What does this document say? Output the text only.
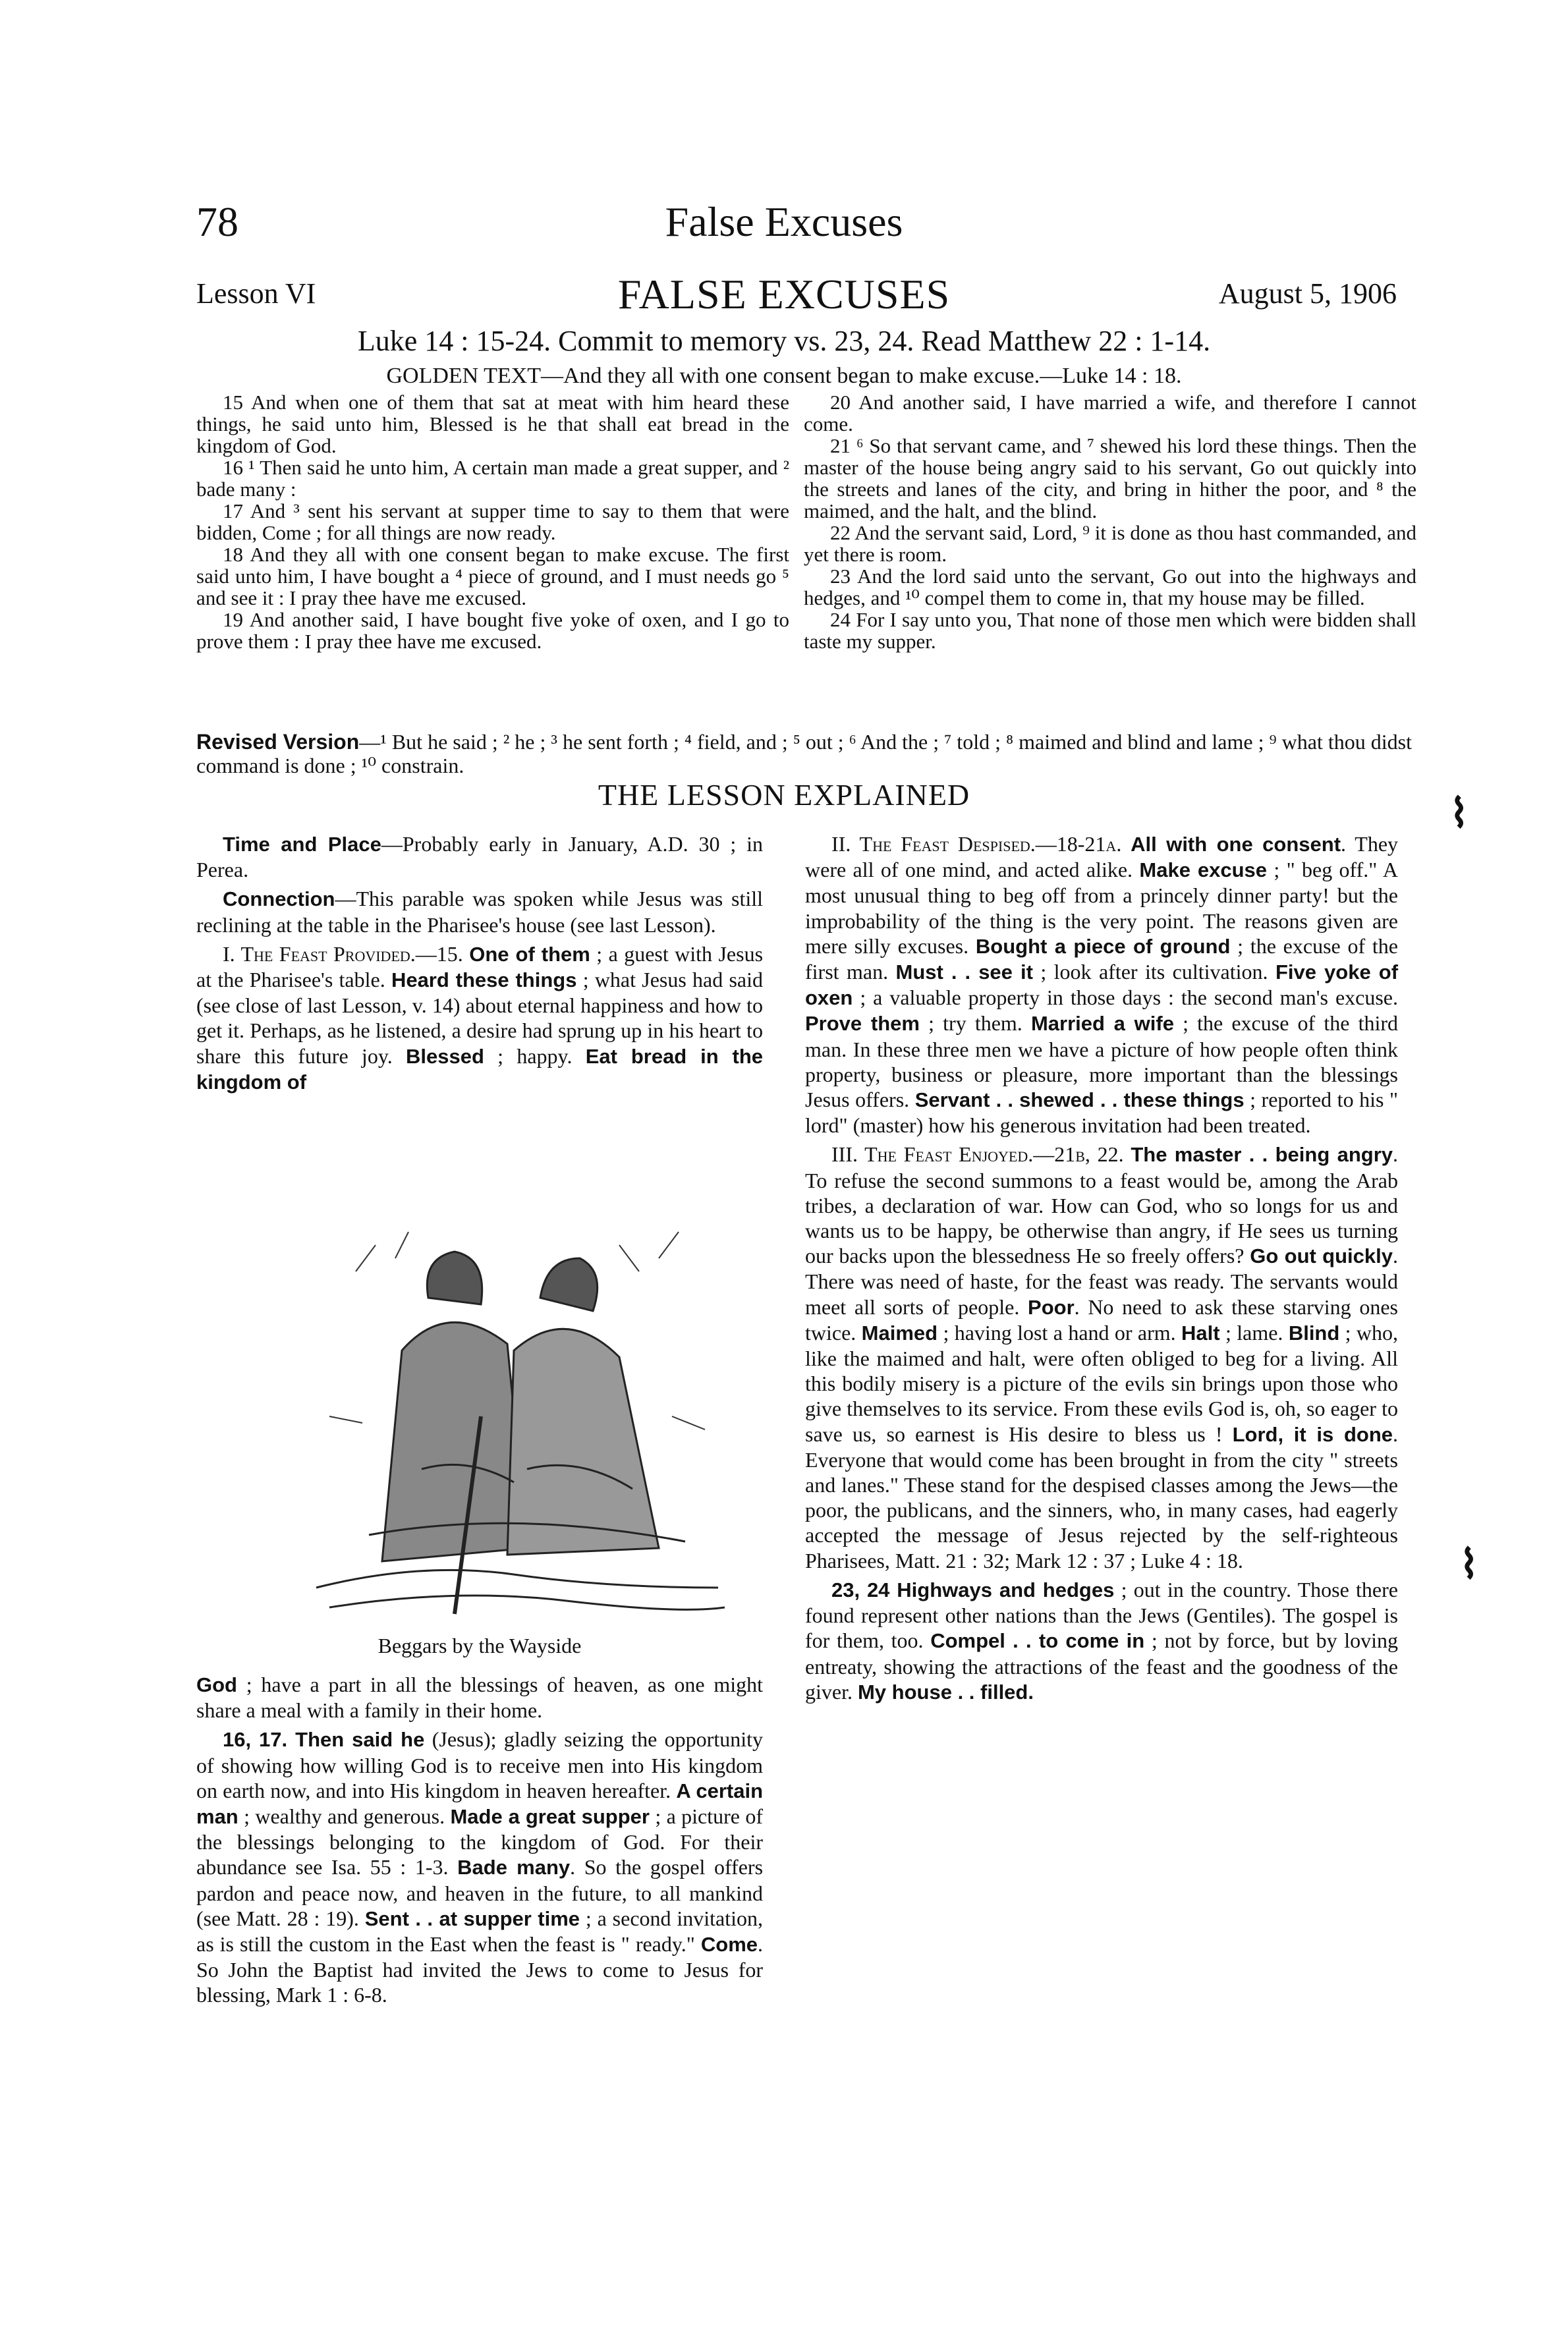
78	False Excuses
Lesson VI	FALSE EXCUSES	August 5, 1906
Luke 14 : 15-24. Commit to memory vs. 23, 24. Read Matthew 22 : 1-14.
GOLDEN TEXT—And they all with one consent began to make excuse.—Luke 14 : 18.

15 And when one of them that sat at meat with him heard these things, he said unto him, Blessed is he that shall eat bread in the kingdom of God.

16 ¹ Then said he unto him, A certain man made a great supper, and ² bade many :

17 And ³ sent his servant at supper time to say to them that were bidden, Come ; for all things are now ready.

18 And they all with one consent began to make excuse. The first said unto him, I have bought a ⁴ piece of ground, and I must needs go ⁵ and see it : I pray thee have me excused.

19 And another said, I have bought five yoke of oxen, and I go to prove them : I pray thee have me excused.

20 And another said, I have married a wife, and therefore I cannot come.

21 ⁶ So that servant came, and ⁷ shewed his lord these things. Then the master of the house being angry said to his servant, Go out quickly into the streets and lanes of the city, and bring in hither the poor, and ⁸ the maimed, and the halt, and the blind.

22 And the servant said, Lord, ⁹ it is done as thou hast commanded, and yet there is room.

23 And the lord said unto the servant, Go out into the highways and hedges, and ¹⁰ compel them to come in, that my house may be filled.

24 For I say unto you, That none of those men which were bidden shall taste my supper.

Revised Version—¹ But he said ; ² he ; ³ he sent forth ; ⁴ field, and ; ⁵ out ; ⁶ And the ; ⁷ told ; ⁸ maimed and blind and lame ; ⁹ what thou didst command is done ; ¹⁰ constrain.
THE LESSON EXPLAINED

Time and Place—Probably early in January, A.D. 30 ; in Perea.

Connection—This parable was spoken while Jesus was still reclining at the table in the Pharisee's house (see last Lesson).

I. The Feast Provided.—15. One of them ; a guest with Jesus at the Pharisee's table. Heard these things ; what Jesus had said (see close of last Lesson, v. 14) about eternal happiness and how to get it. Perhaps, as he listened, a desire had sprung up in his heart to share this future joy. Blessed ; happy. Eat bread in the kingdom of

Beggars by the Wayside

God ; have a part in all the blessings of heaven, as one might share a meal with a family in their home.

16, 17. Then said he (Jesus); gladly seizing the opportunity of showing how willing God is to receive men into His kingdom on earth now, and into His kingdom in heaven hereafter. A certain man ; wealthy and generous. Made a great supper ; a picture of the blessings belonging to the kingdom of God. For their abundance see Isa. 55 : 1-3. Bade many. So the gospel offers pardon and peace now, and heaven in the future, to all mankind (see Matt. 28 : 19). Sent . . at supper time ; a second invitation, as is still the custom in the East when the feast is " ready." Come. So John the Baptist had invited the Jews to come to Jesus for blessing, Mark 1 : 6-8.

II. The Feast Despised.—18-21a. All with one consent. They were all of one mind, and acted alike. Make excuse ; " beg off." A most unusual thing to beg off from a princely dinner party! but the improbability of the thing is the very point. The reasons given are mere silly excuses. Bought a piece of ground ; the excuse of the first man. Must . . see it ; look after its cultivation. Five yoke of oxen ; a valuable property in those days : the second man's excuse. Prove them ; try them. Married a wife ; the excuse of the third man. In these three men we have a picture of how people often think property, business or pleasure, more important than the blessings Jesus offers. Servant . . shewed . . these things ; reported to his " lord" (master) how his generous invitation had been treated.

III. The Feast Enjoyed.—21b, 22. The master . . being angry. To refuse the second summons to a feast would be, among the Arab tribes, a declaration of war. How can God, who so longs for us and wants us to be happy, be otherwise than angry, if He sees us turning our backs upon the blessedness He so freely offers? Go out quickly. There was need of haste, for the feast was ready. The servants would meet all sorts of people. Poor. No need to ask these starving ones twice. Maimed ; having lost a hand or arm. Halt ; lame. Blind ; who, like the maimed and halt, were often obliged to beg for a living. All this bodily misery is a picture of the evils sin brings upon those who give themselves to its service. From these evils God is, oh, so eager to save us, so earnest is His desire to bless us ! Lord, it is done. Everyone that would come has been brought in from the city " streets and lanes." These stand for the despised classes among the Jews—the poor, the publicans, and the sinners, who, in many cases, had eagerly accepted the message of Jesus rejected by the self-righteous Pharisees, Matt. 21 : 32; Mark 12 : 37 ; Luke 4 : 18.

23, 24 Highways and hedges ; out in the country. Those there found represent other nations than the Jews (Gentiles). The gospel is for them, too. Compel . . to come in ; not by force, but by loving entreaty, showing the attractions of the feast and the goodness of the giver. My house . . filled.

⌇
⌇
